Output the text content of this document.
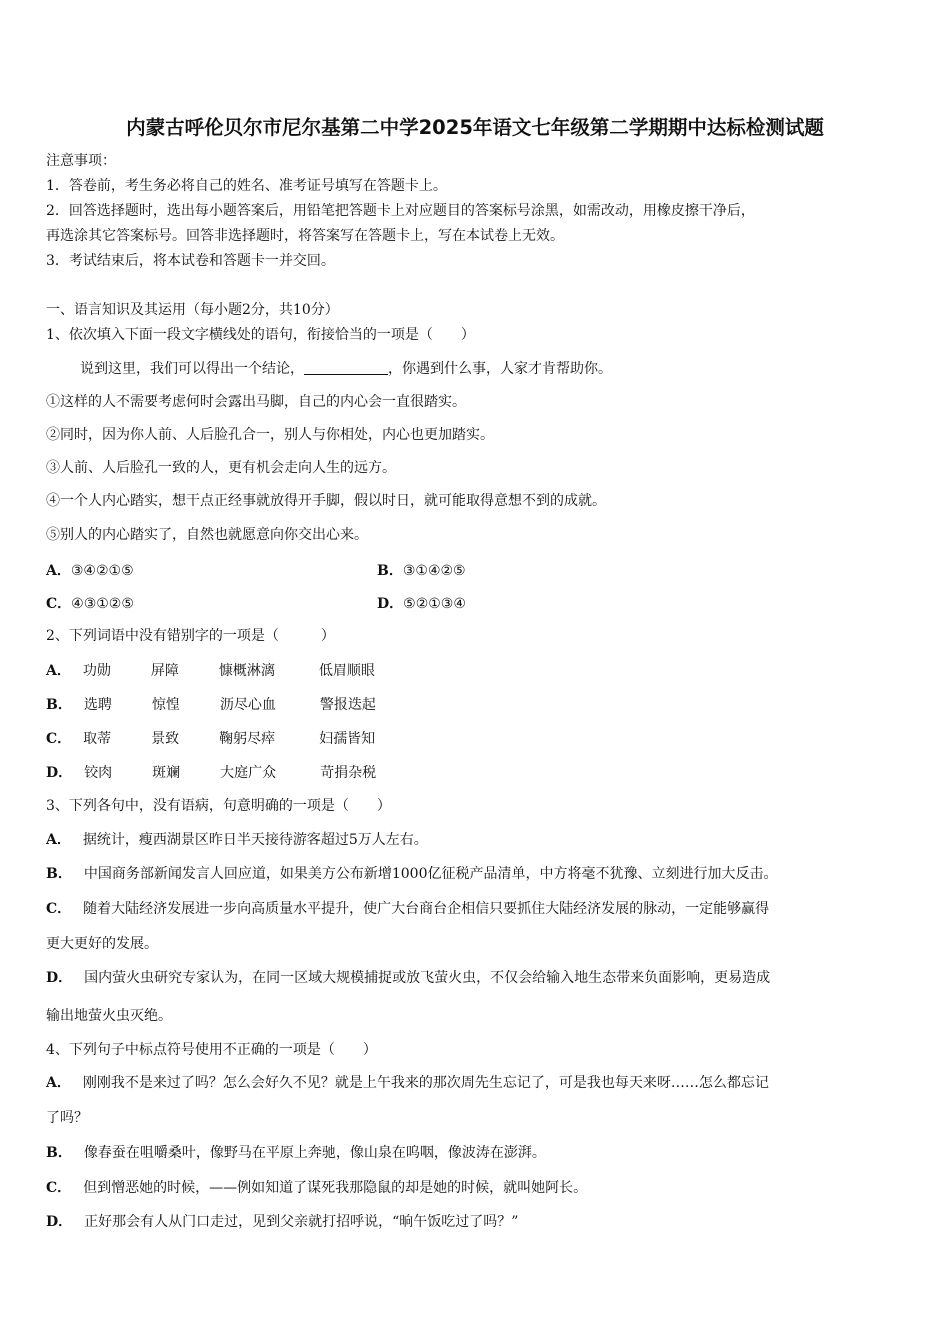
内蒙古呼伦贝尔市尼尔基第二中学2025年语文七年级第二学期期中达标检测试题
注意事项：
1．答卷前，考生务必将自己的姓名、准考证号填写在答题卡上。
2．回答选择题时，选出每小题答案后，用铅笔把答题卡上对应题目的答案标号涂黑，如需改动，用橡皮擦干净后，
再选涂其它答案标号。回答非选择题时，将答案写在答题卡上，写在本试卷上无效。
3．考试结束后，将本试卷和答题卡一并交回。
一、语言知识及其运用（每小题2分，共10分）
1、依次填入下面一段文字横线处的语句，衔接恰当的一项是（　　）
说到这里，我们可以得出一个结论，	，你遇到什么事，人家才肯帮助你。
①这样的人不需要考虑何时会露出马脚，自己的内心会一直很踏实。
②同时，因为你人前、人后脸孔合一，别人与你相处，内心也更加踏实。
③人前、人后脸孔一致的人，更有机会走向人生的远方。
④一个人内心踏实，想干点正经事就放得开手脚，假以时日，就可能取得意想不到的成就。
⑤别人的内心踏实了，自然也就愿意向你交出心来。
A．③④②①⑤	B．③①④②⑤
C．④③①②⑤	D．⑤②①③④
2、下列词语中没有错别字的一项是（　　　）
A． 功勋	屏障	慷概淋漓	低眉顺眼
B． 选聘	惊惶	沥尽心血	警报迭起
C． 取蒂	景致	鞠躬尽瘁	妇孺皆知
D． 铰肉	斑斓	大庭广众	苛捐杂税
3、下列各句中，没有语病，句意明确的一项是（　　）
A． 据统计，瘦西湖景区昨日半天接待游客超过5万人左右。
B． 中国商务部新闻发言人回应道，如果美方公布新增1000亿征税产品清单，中方将毫不犹豫、立刻进行加大反击。
C． 随着大陆经济发展进一步向高质量水平提升，使广大台商台企相信只要抓住大陆经济发展的脉动，一定能够赢得
更大更好的发展。
D． 国内萤火虫研究专家认为，在同一区域大规模捕捉或放飞萤火虫，不仅会给输入地生态带来负面影响，更易造成
输出地萤火虫灭绝。
4、下列句子中标点符号使用不正确的一项是（　　）
A． 刚刚我不是来过了吗？怎么会好久不见？就是上午我来的那次周先生忘记了，可是我也每天来呀……怎么都忘记
了吗？
B． 像春蚕在咀嚼桑叶，像野马在平原上奔驰，像山泉在呜咽，像波涛在澎湃。
C． 但到憎恶她的时候，——例如知道了谋死我那隐鼠的却是她的时候，就叫她阿长。
D． 正好那会有人从门口走过，见到父亲就打招呼说，“晌午饭吃过了吗？”
